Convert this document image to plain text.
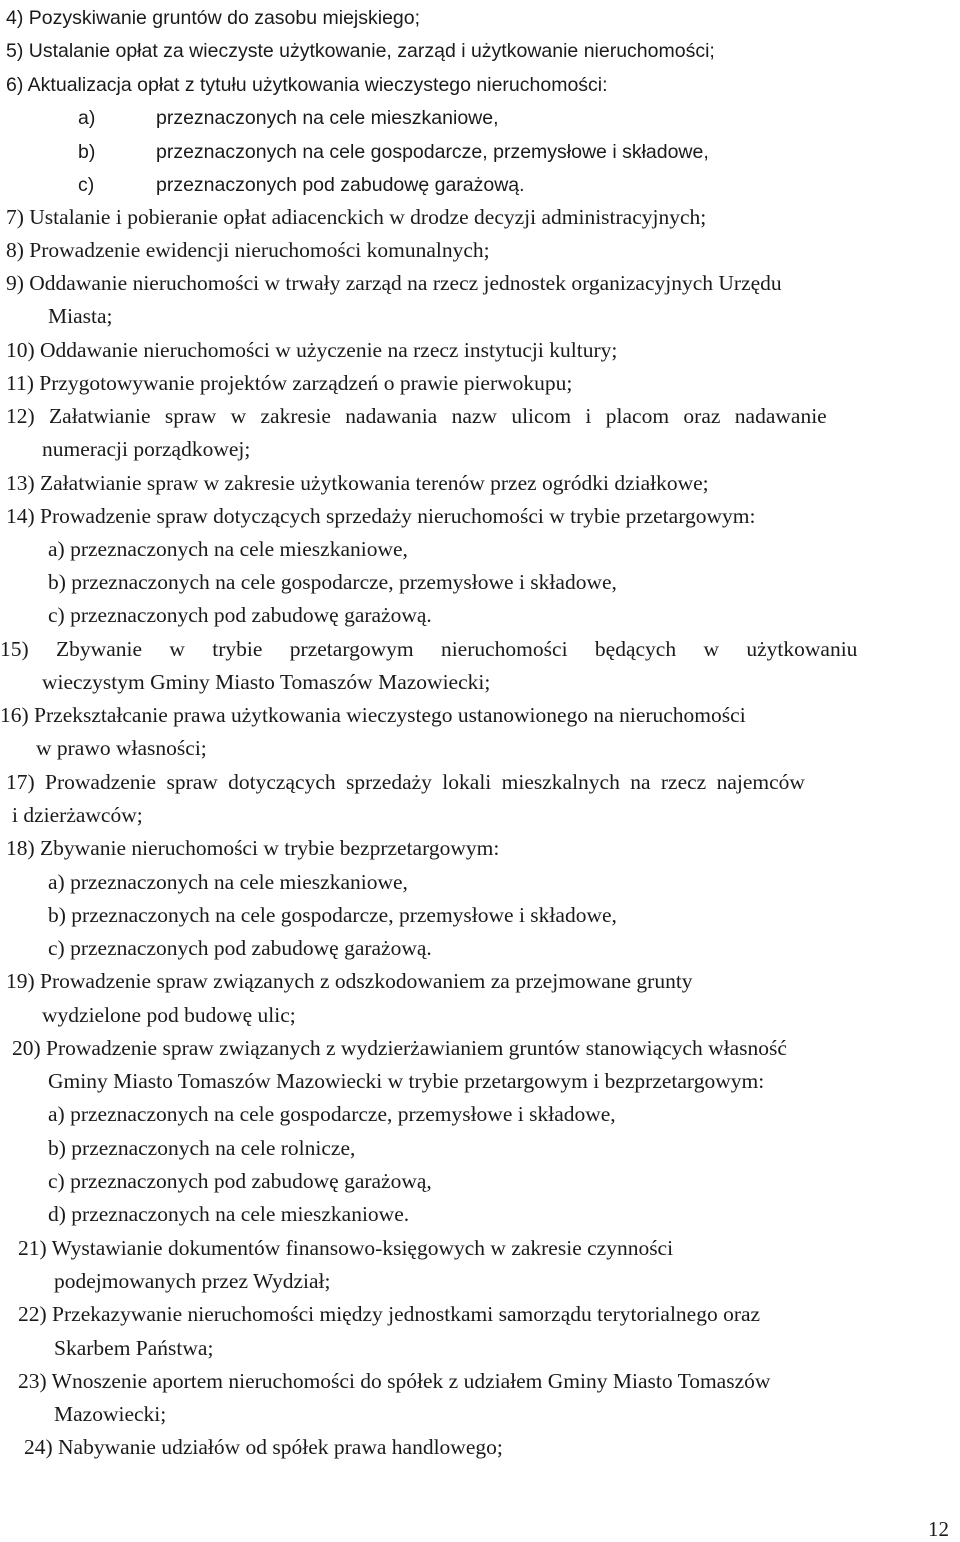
4) Pozyskiwanie gruntów do zasobu miejskiego;
5) Ustalanie opłat za wieczyste użytkowanie, zarząd i użytkowanie nieruchomości;
6) Aktualizacja opłat z tytułu użytkowania wieczystego nieruchomości:
a)	przeznaczonych na cele mieszkaniowe,
b)	przeznaczonych na cele gospodarcze, przemysłowe i składowe,
c)	przeznaczonych pod zabudowę garażową.
7) Ustalanie i pobieranie opłat adiacenckich w drodze decyzji administracyjnych;
8) Prowadzenie ewidencji nieruchomości komunalnych;
9) Oddawanie nieruchomości w trwały zarząd na rzecz jednostek organizacyjnych Urzędu
Miasta;
10) Oddawanie nieruchomości w użyczenie na rzecz instytucji kultury;
11) Przygotowywanie projektów zarządzeń o prawie pierwokupu;
12) Załatwianie spraw w zakresie nadawania nazw ulicom i placom oraz nadawanie
numeracji porządkowej;
13) Załatwianie spraw w zakresie użytkowania terenów przez ogródki działkowe;
14) Prowadzenie spraw dotyczących sprzedaży nieruchomości w trybie przetargowym:
a) przeznaczonych na cele mieszkaniowe,
b) przeznaczonych na cele gospodarcze, przemysłowe i składowe,
c) przeznaczonych pod zabudowę garażową.
15) Zbywanie w trybie przetargowym nieruchomości będących w użytkowaniu
wieczystym Gminy Miasto Tomaszów Mazowiecki;
16) Przekształcanie prawa użytkowania wieczystego ustanowionego na nieruchomości
w prawo własności;
17) Prowadzenie spraw dotyczących sprzedaży lokali mieszkalnych na rzecz najemców
i dzierżawców;
18) Zbywanie nieruchomości w trybie bezprzetargowym:
a) przeznaczonych na cele mieszkaniowe,
b) przeznaczonych na cele gospodarcze, przemysłowe i składowe,
c) przeznaczonych pod zabudowę garażową.
19) Prowadzenie spraw związanych z odszkodowaniem za przejmowane grunty
wydzielone pod budowę ulic;
20) Prowadzenie spraw związanych z wydzierżawianiem gruntów stanowiących własność
Gminy Miasto Tomaszów Mazowiecki w trybie przetargowym i bezprzetargowym:
a) przeznaczonych na cele gospodarcze, przemysłowe i składowe,
b) przeznaczonych na cele rolnicze,
c) przeznaczonych pod zabudowę garażową,
d) przeznaczonych na cele mieszkaniowe.
21) Wystawianie dokumentów finansowo-księgowych w zakresie czynności
podejmowanych przez Wydział;
22) Przekazywanie nieruchomości między jednostkami samorządu terytorialnego oraz
Skarbem Państwa;
23) Wnoszenie aportem nieruchomości do spółek z udziałem Gminy Miasto Tomaszów
Mazowiecki;
24) Nabywanie udziałów od spółek prawa handlowego;
12
